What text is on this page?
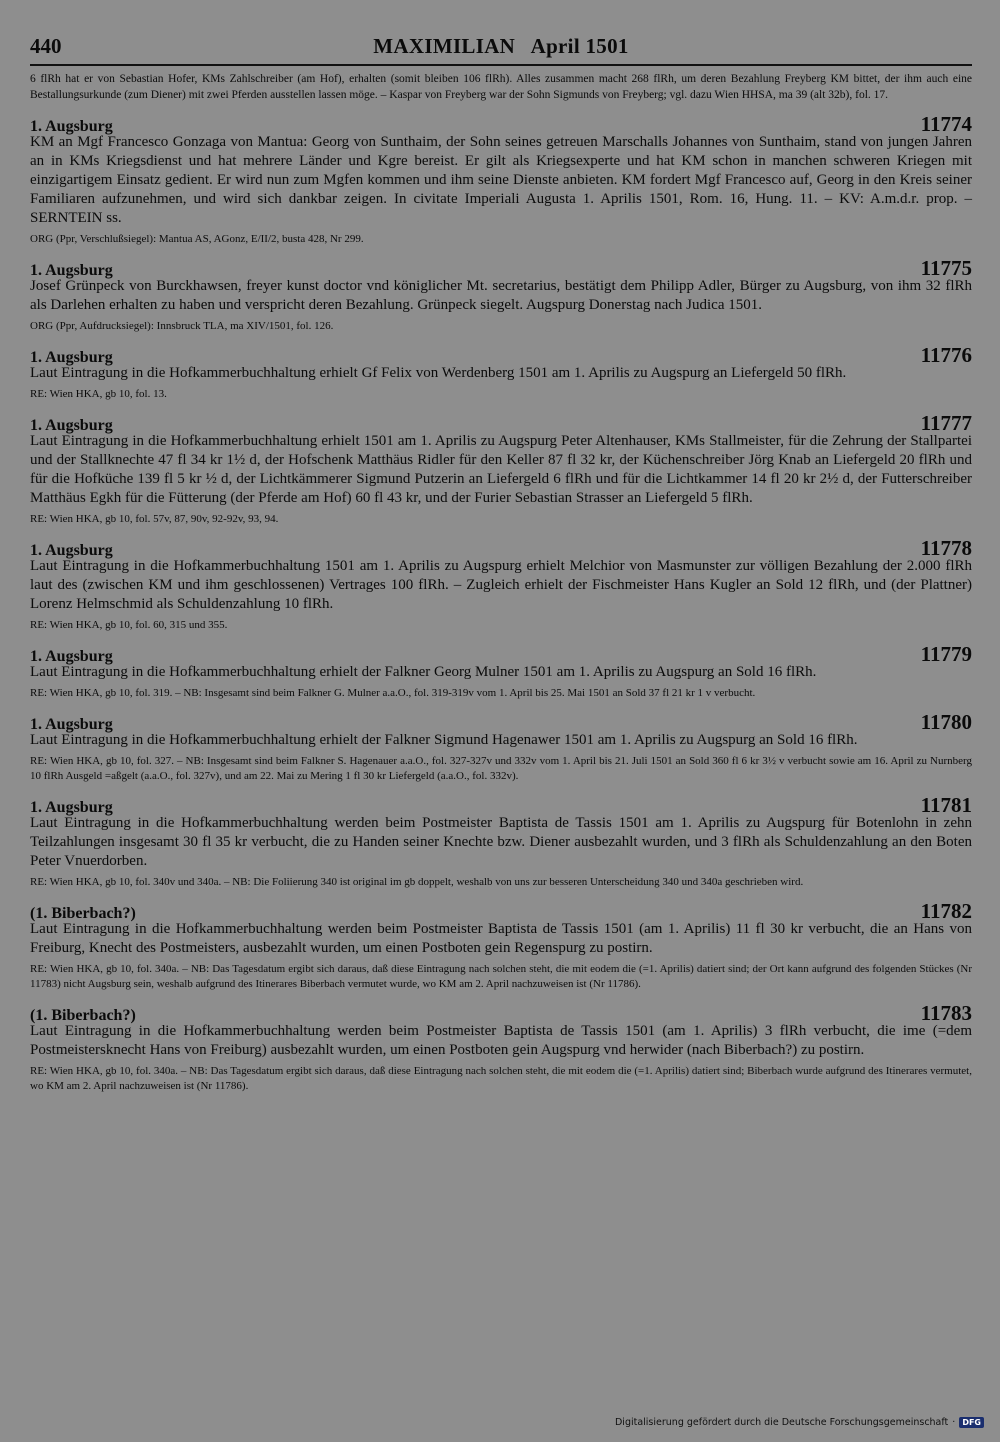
440	MAXIMILIAN   April 1501
6 flRh hat er von Sebastian Hofer, KMs Zahlschreiber (am Hof), erhalten (somit bleiben 106 flRh). Alles zusammen macht 268 flRh, um deren Bezahlung Freyberg KM bittet, der ihm auch eine Bestallungsurkunde (zum Diener) mit zwei Pferden ausstellen lassen möge. – Kaspar von Freyberg war der Sohn Sigmunds von Freyberg; vgl. dazu Wien HHSA, ma 39 (alt 32b), fol. 17.
1. Augsburg	11774
KM an Mgf Francesco Gonzaga von Mantua: Georg von Sunthaim, der Sohn seines getreuen Marschalls Johannes von Sunthaim, stand von jungen Jahren an in KMs Kriegsdienst und hat mehrere Länder und Kgre bereist. Er gilt als Kriegsexperte und hat KM schon in manchen schweren Kriegen mit einzigartigem Einsatz gedient. Er wird nun zum Mgfen kommen und ihm seine Dienste anbieten. KM fordert Mgf Francesco auf, Georg in den Kreis seiner Familiaren aufzunehmen, und wird sich dankbar zeigen. In civitate Imperiali Augusta 1. Aprilis 1501, Rom. 16, Hung. 11. – KV: A.m.d.r. prop. – SERNTEIN ss.
ORG (Ppr, Verschlußsiegel): Mantua AS, AGonz, E/II/2, busta 428, Nr 299.
1. Augsburg	11775
Josef Grünpeck von Burckhawsen, freyer kunst doctor vnd königlicher Mt. secretarius, bestätigt dem Philipp Adler, Bürger zu Augsburg, von ihm 32 flRh als Darlehen erhalten zu haben und verspricht deren Bezahlung. Grünpeck siegelt. Augspurg Donerstag nach Judica 1501.
ORG (Ppr, Aufdrucksiegel): Innsbruck TLA, ma XIV/1501, fol. 126.
1. Augsburg	11776
Laut Eintragung in die Hofkammerbuchhaltung erhielt Gf Felix von Werdenberg 1501 am 1. Aprilis zu Augspurg an Liefergeld 50 flRh.
RE: Wien HKA, gb 10, fol. 13.
1. Augsburg	11777
Laut Eintragung in die Hofkammerbuchhaltung erhielt 1501 am 1. Aprilis zu Augspurg Peter Altenhauser, KMs Stallmeister, für die Zehrung der Stallpartei und der Stallknechte 47 fl 34 kr 1½ d, der Hofschenk Matthäus Ridler für den Keller 87 fl 32 kr, der Küchenschreiber Jörg Knab an Liefergeld 20 flRh und für die Hofküche 139 fl 5 kr ½ d, der Lichtkämmerer Sigmund Putzerin an Liefergeld 6 flRh und für die Lichtkammer 14 fl 20 kr 2½ d, der Futterschreiber Matthäus Egkh für die Fütterung (der Pferde am Hof) 60 fl 43 kr, und der Furier Sebastian Strasser an Liefergeld 5 flRh.
RE: Wien HKA, gb 10, fol. 57v, 87, 90v, 92-92v, 93, 94.
1. Augsburg	11778
Laut Eintragung in die Hofkammerbuchhaltung 1501 am 1. Aprilis zu Augspurg erhielt Melchior von Masmunster zur völligen Bezahlung der 2.000 flRh laut des (zwischen KM und ihm geschlossenen) Vertrages 100 flRh. – Zugleich erhielt der Fischmeister Hans Kugler an Sold 12 flRh, und (der Plattner) Lorenz Helmschmid als Schuldenzahlung 10 flRh.
RE: Wien HKA, gb 10, fol. 60, 315 und 355.
1. Augsburg	11779
Laut Eintragung in die Hofkammerbuchhaltung erhielt der Falkner Georg Mulner 1501 am 1. Aprilis zu Augspurg an Sold 16 flRh.
RE: Wien HKA, gb 10, fol. 319. – NB: Insgesamt sind beim Falkner G. Mulner a.a.O., fol. 319-319v vom 1. April bis 25. Mai 1501 an Sold 37 fl 21 kr 1 v verbucht.
1. Augsburg	11780
Laut Eintragung in die Hofkammerbuchhaltung erhielt der Falkner Sigmund Hagenawer 1501 am 1. Aprilis zu Augspurg an Sold 16 flRh.
RE: Wien HKA, gb 10, fol. 327. – NB: Insgesamt sind beim Falkner S. Hagenauer a.a.O., fol. 327-327v und 332v vom 1. April bis 21. Juli 1501 an Sold 360 fl 6 kr 3½ v verbucht sowie am 16. April zu Nurnberg 10 flRh Ausgeld =aßgelt (a.a.O., fol. 327v), und am 22. Mai zu Mering 1 fl 30 kr Liefergeld (a.a.O., fol. 332v).
1. Augsburg	11781
Laut Eintragung in die Hofkammerbuchhaltung werden beim Postmeister Baptista de Tassis 1501 am 1. Aprilis zu Augspurg für Botenlohn in zehn Teilzahlungen insgesamt 30 fl 35 kr verbucht, die zu Handen seiner Knechte bzw. Diener ausbezahlt wurden, und 3 flRh als Schuldenzahlung an den Boten Peter Vnuerdorben.
RE: Wien HKA, gb 10, fol. 340v und 340a. – NB: Die Foliierung 340 ist original im gb doppelt, weshalb von uns zur besseren Unterscheidung 340 und 340a geschrieben wird.
(1. Biberbach?)	11782
Laut Eintragung in die Hofkammerbuchhaltung werden beim Postmeister Baptista de Tassis 1501 (am 1. Aprilis) 11 fl 30 kr verbucht, die an Hans von Freiburg, Knecht des Postmeisters, ausbezahlt wurden, um einen Postboten gein Regenspurg zu postirn.
RE: Wien HKA, gb 10, fol. 340a. – NB: Das Tagesdatum ergibt sich daraus, daß diese Eintragung nach solchen steht, die mit eodem die (=1. Aprilis) datiert sind; der Ort kann aufgrund des folgenden Stückes (Nr 11783) nicht Augsburg sein, weshalb aufgrund des Itinerares Biberbach vermutet wurde, wo KM am 2. April nachzuweisen ist (Nr 11786).
(1. Biberbach?)	11783
Laut Eintragung in die Hofkammerbuchhaltung werden beim Postmeister Baptista de Tassis 1501 (am 1. Aprilis) 3 flRh verbucht, die ime (=dem Postmeistersknecht Hans von Freiburg) ausbezahlt wurden, um einen Postboten gein Augspurg vnd herwider (nach Biberbach?) zu postirn.
RE: Wien HKA, gb 10, fol. 340a. – NB: Das Tagesdatum ergibt sich daraus, daß diese Eintragung nach solchen steht, die mit eodem die (=1. Aprilis) datiert sind; Biberbach wurde aufgrund des Itinerares vermutet, wo KM am 2. April nachzuweisen ist (Nr 11786).
Digitalisierung gefördert durch die Deutsche Forschungsgemeinschaft · DFG
